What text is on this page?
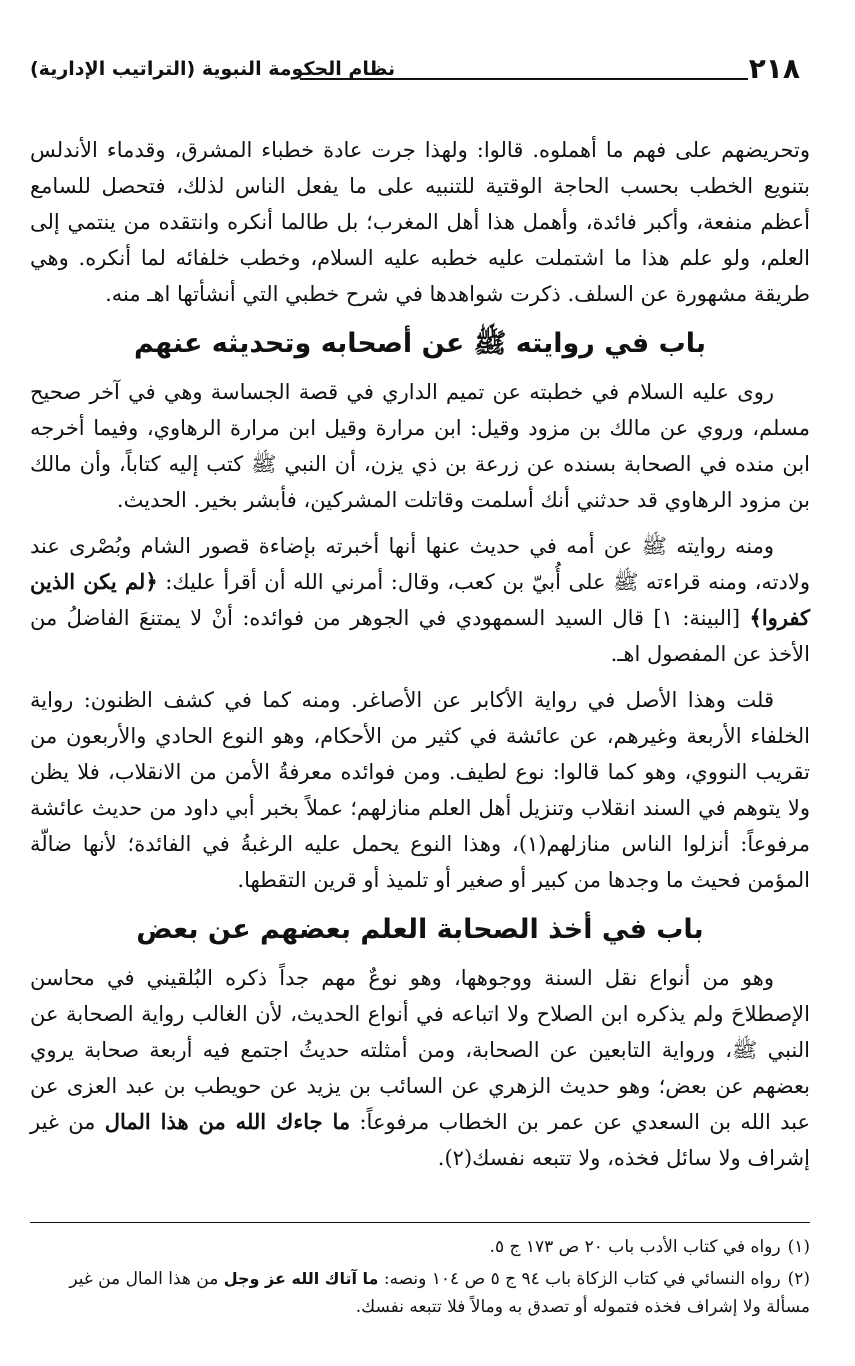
٢١٨
نظام الحكومة النبوية (التراتيب الإدارية)

وتحريضهم على فهم ما أهملوه. قالوا: ولهذا جرت عادة خطباء المشرق، وقدماء الأندلس بتنويع الخطب بحسب الحاجة الوقتية للتنبيه على ما يفعل الناس لذلك، فتحصل للسامع أعظم منفعة، وأكبر فائدة، وأهمل هذا أهل المغرب؛ بل طالما أنكره وانتقده من ينتمي إلى العلم، ولو علم هذا ما اشتملت عليه خطبه عليه السلام، وخطب خلفائه لما أنكره. وهي طريقة مشهورة عن السلف. ذكرت شواهدها في شرح خطبي التي أنشأتها اهـ منه.

باب في روايته ﷺ عن أصحابه وتحديثه عنهم

روى عليه السلام في خطبته عن تميم الداري في قصة الجساسة وهي في آخر صحيح مسلم، وروي عن مالك بن مزود وقيل: ابن مرارة وقيل ابن مرارة الرهاوي، وفيما أخرجه ابن منده في الصحابة بسنده عن زرعة بن ذي يزن، أن النبي ﷺ كتب إليه كتاباً، وأن مالك بن مزود الرهاوي قد حدثني أنك أسلمت وقاتلت المشركين، فأبشر بخير. الحديث.

ومنه روايته ﷺ عن أمه في حديث عنها أنها أخبرته بإضاءة قصور الشام وبُصْرى عند ولادته، ومنه قراءته ﷺ على أُبيّ بن كعب، وقال: أمرني الله أن أقرأ عليك: ﴿لم يكن الذين كفروا﴾ [البينة: ١] قال السيد السمهودي في الجوهر من فوائده: أنْ لا يمتنعَ الفاضلُ من الأخذ عن المفصول اهـ.

قلت وهذا الأصل في رواية الأكابر عن الأصاغر. ومنه كما في كشف الظنون: رواية الخلفاء الأربعة وغيرهم، عن عائشة في كثير من الأحكام، وهو النوع الحادي والأربعون من تقريب النووي، وهو كما قالوا: نوع لطيف. ومن فوائده معرفةُ الأمن من الانقلاب، فلا يظن ولا يتوهم في السند انقلاب وتنزيل أهل العلم منازلهم؛ عملاً بخبر أبي داود من حديث عائشة مرفوعاً: أنزلوا الناس منازلهم(١)، وهذا النوع يحمل عليه الرغبةُ في الفائدة؛ لأنها ضالّة المؤمن فحيث ما وجدها من كبير أو صغير أو تلميذ أو قرين التقطها.

باب في أخذ الصحابة العلم بعضهم عن بعض

وهو من أنواع نقل السنة ووجوهها، وهو نوعٌ مهم جداً ذكره البُلقيني في محاسن الإصطلاحَ ولم يذكره ابن الصلاح ولا اتباعه في أنواع الحديث، لأن الغالب رواية الصحابة عن النبي ﷺ، ورواية التابعين عن الصحابة، ومن أمثلته حديثُ اجتمع فيه أربعة صحابة يروي بعضهم عن بعض؛ وهو حديث الزهري عن السائب بن يزيد عن حويطب بن عبد العزى عن عبد الله بن السعدي عن عمر بن الخطاب مرفوعاً: ما جاءك الله من هذا المال من غير إشراف ولا سائل فخذه، ولا تتبعه نفسك(٢).

(١) رواه في كتاب الأدب باب ٢٠ ص ١٧٣ ج ٥.
(٢) رواه النسائي في كتاب الزكاة باب ٩٤ ج ٥ ص ١٠٤ ونصه: ما آتاك الله عز وجل من هذا المال من غير مسألة ولا إشراف فخذه فتموله أو تصدق به ومالاً فلا تتبعه نفسك.
